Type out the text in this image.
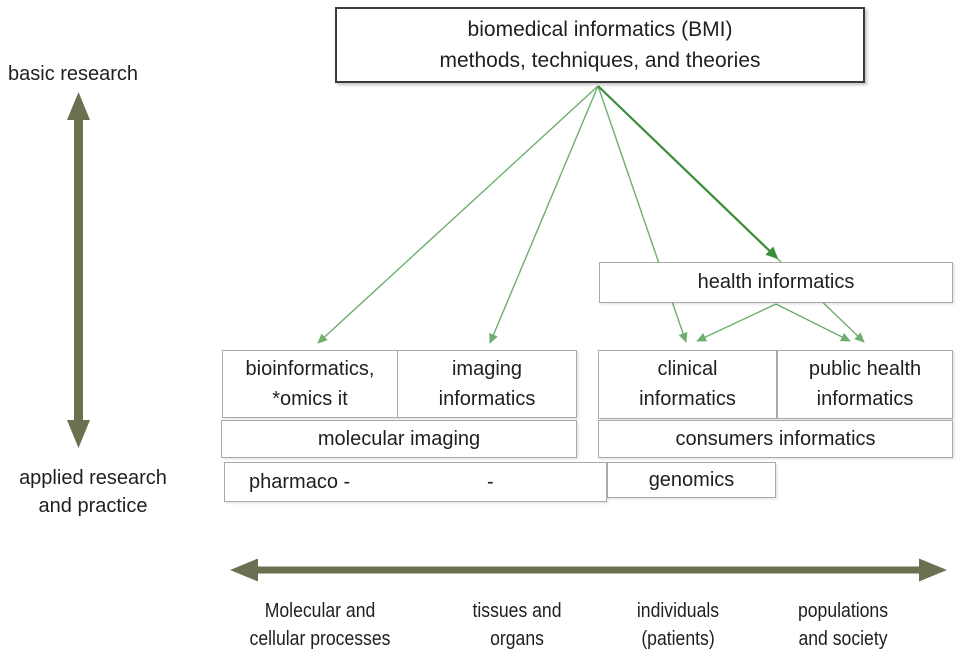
biomedical informatics (BMI)
methods, techniques, and theories
basic research
applied research
and practice
health informatics
bioinformatics,
*omics it
imaging
informatics
clinical
informatics
public health
informatics
molecular imaging	consumers informatics
pharmaco -	-	genomics
Molecular and
cellular processes
tissues and
organs
individuals
(patients)
populations
and society
